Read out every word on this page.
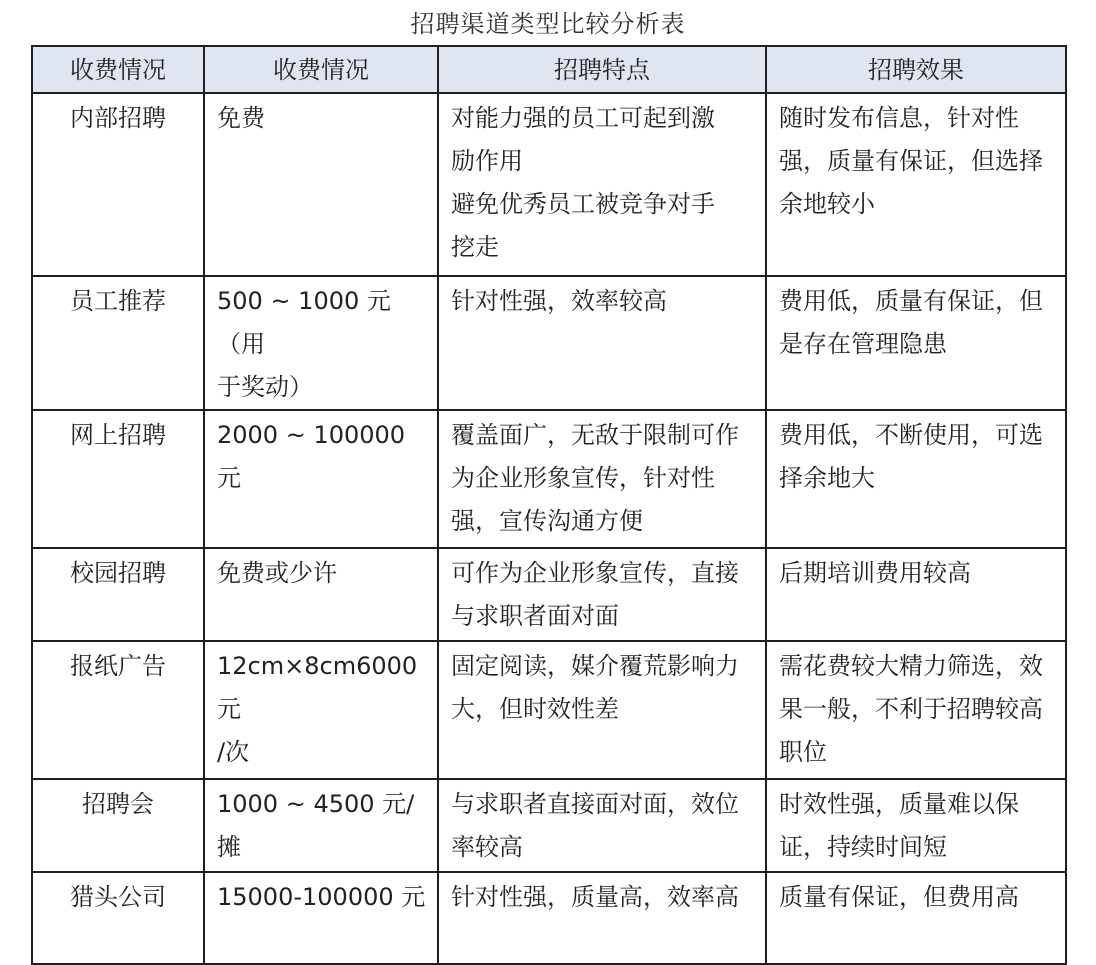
招聘渠道类型比较分析表
收费情况	收费情况	招聘特点	招聘效果
内部招聘	免费	对能力强的员工可起到激
励作用
避免优秀员工被竞争对手
挖走	随时发布信息，针对性
强，质量有保证，但选择
余地较小

员工推荐	500 ~ 1000 元（用
于奖动）	针对性强，效率较高	费用低，质量有保证，但
是存在管理隐患

网上招聘	2000 ~ 100000 元	覆盖面广，无敌于限制可作
为企业形象宣传，针对性
强，宣传沟通方便	费用低，不断使用，可选
择余地大

校园招聘	免费或少许	可作为企业形象宣传，直接
与求职者面对面	后期培训费用较高

报纸广告	12cm×8cm6000 元
/次	固定阅读，媒介覆荒影响力
大，但时效性差	需花费较大精力筛选，效
果一般，不利于招聘较高
职位

招聘会	1000 ~ 4500 元/摊	与求职者直接面对面，效位
率较高	时效性强，质量难以保
证，持续时间短

猎头公司	15000-100000 元	针对性强，质量高，效率高	质量有保证，但费用高
